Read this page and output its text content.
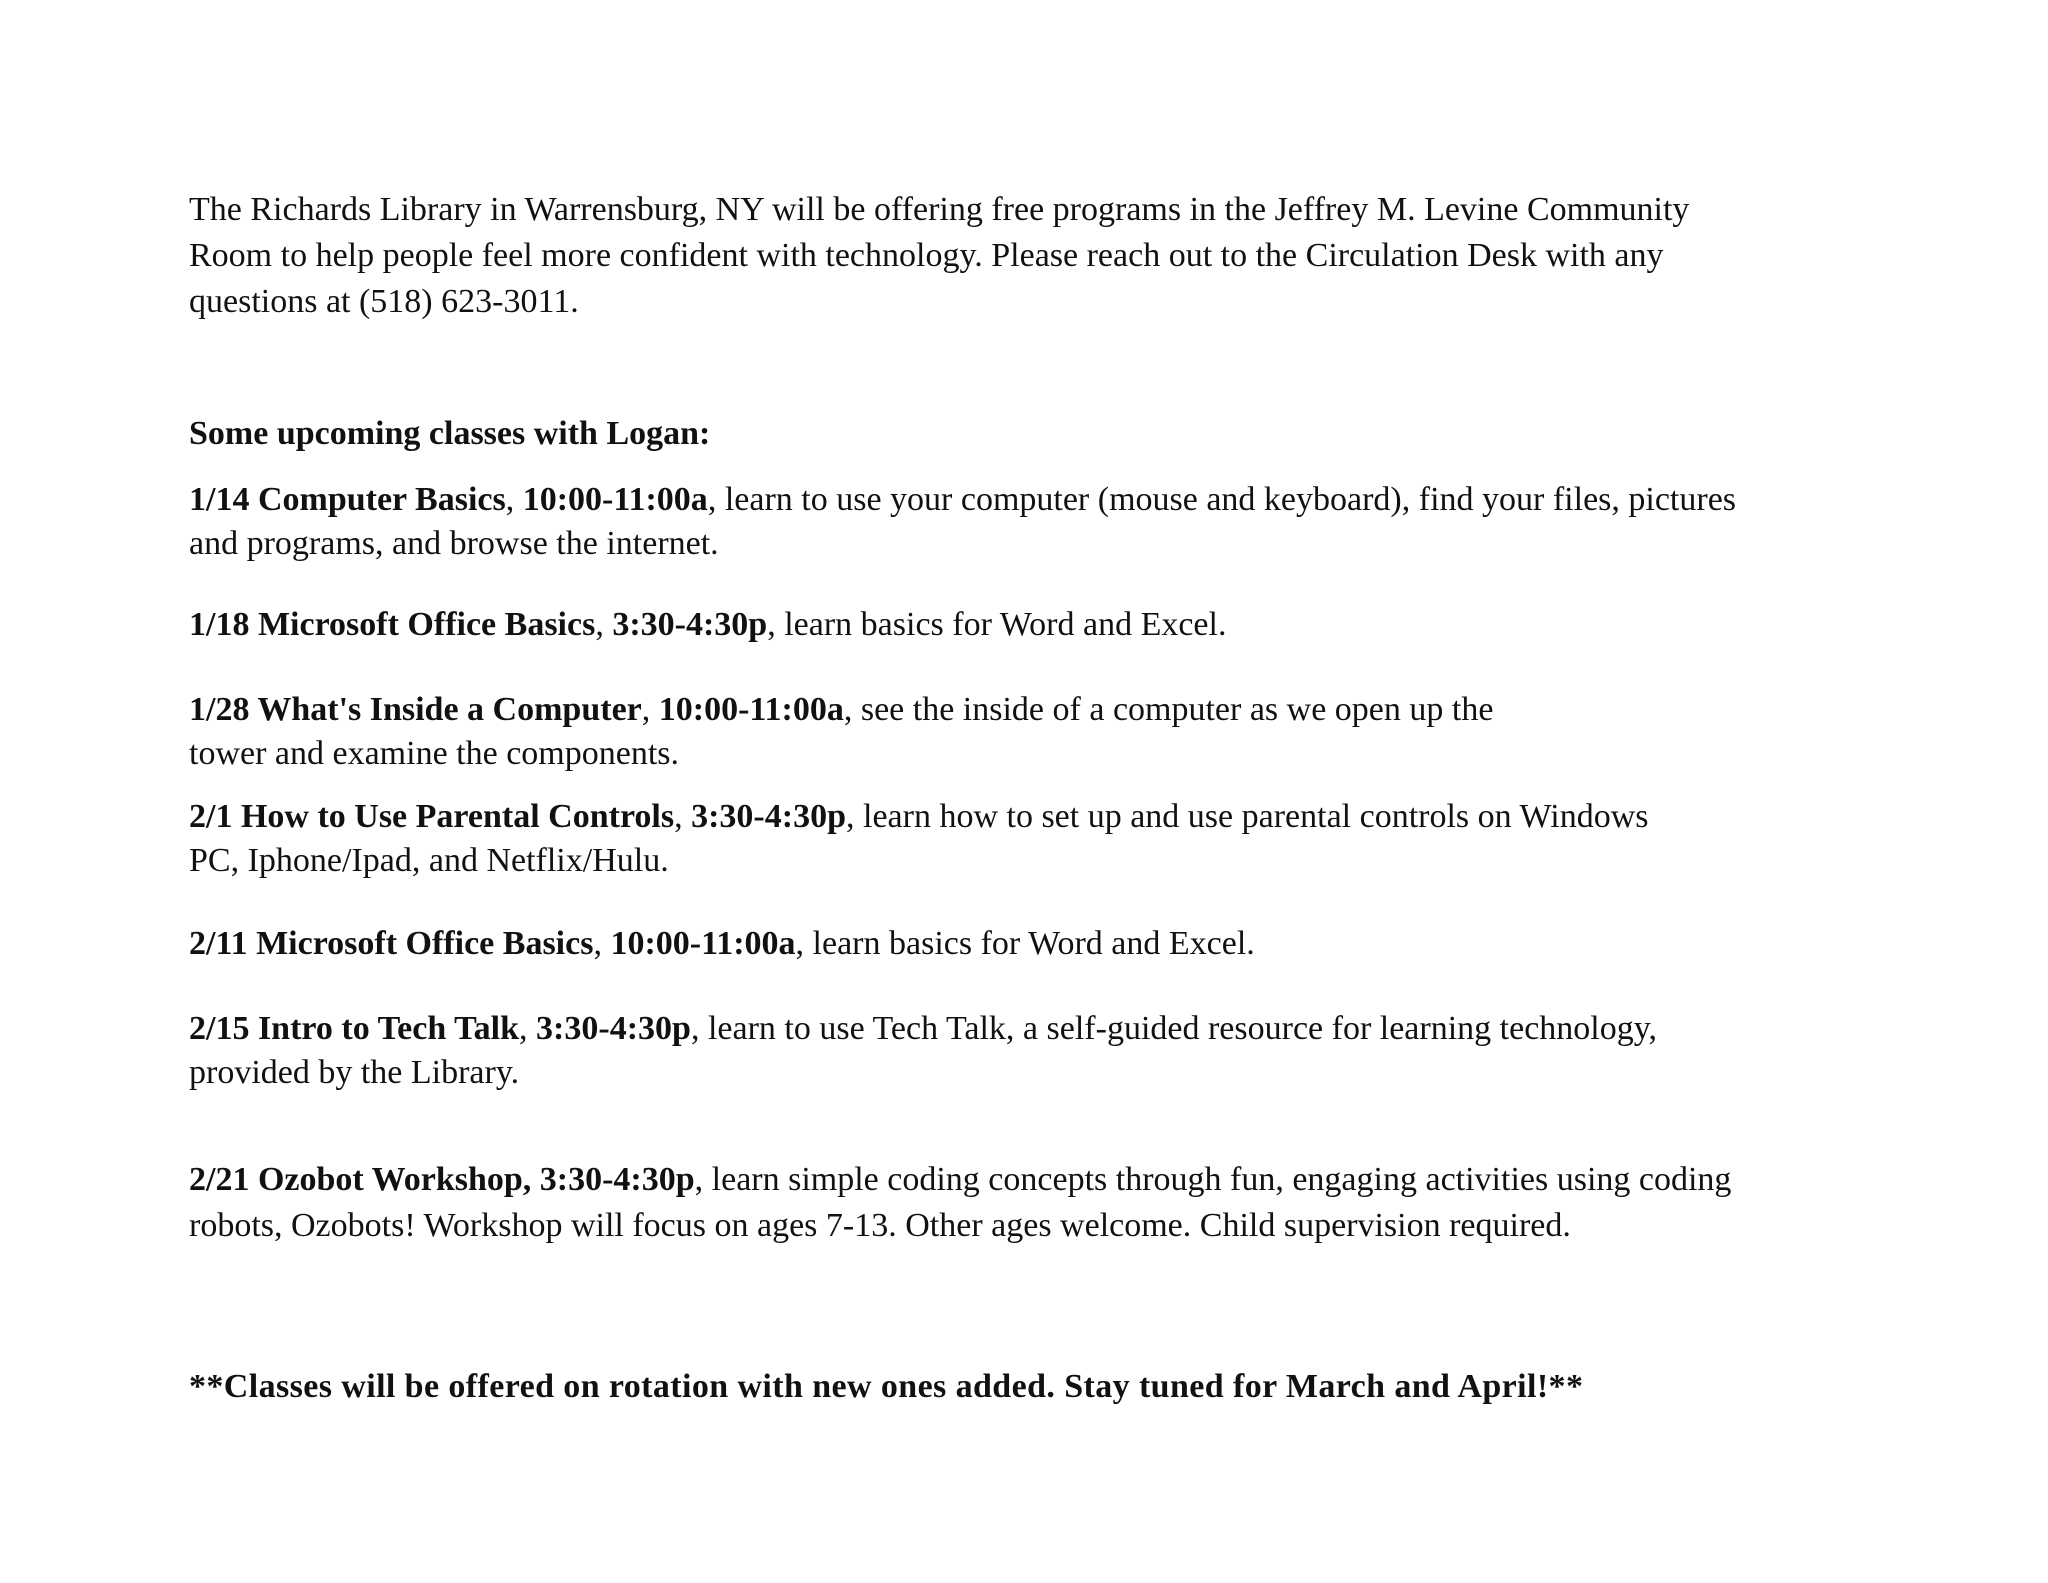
The Richards Library in Warrensburg, NY will be offering free programs in the Jeffrey M. Levine Community
Room to help people feel more confident with technology. Please reach out to the Circulation Desk with any
questions at (518) 623-3011.

Some upcoming classes with Logan:

1/14 Computer Basics, 10:00-11:00a, learn to use your computer (mouse and keyboard), find your files, pictures
and programs, and browse the internet.

1/18 Microsoft Office Basics, 3:30-4:30p, learn basics for Word and Excel.

1/28 What's Inside a Computer, 10:00-11:00a, see the inside of a computer as we open up the
tower and examine the components.

2/1 How to Use Parental Controls, 3:30-4:30p, learn how to set up and use parental controls on Windows
PC, Iphone/Ipad, and Netflix/Hulu.

2/11 Microsoft Office Basics, 10:00-11:00a, learn basics for Word and Excel.

2/15 Intro to Tech Talk, 3:30-4:30p, learn to use Tech Talk, a self-guided resource for learning technology,
provided by the Library.

2/21 Ozobot Workshop, 3:30-4:30p, learn simple coding concepts through fun, engaging activities using coding
robots, Ozobots! Workshop will focus on ages 7-13. Other ages welcome. Child supervision required.

**Classes will be offered on rotation with new ones added. Stay tuned for March and April!**
